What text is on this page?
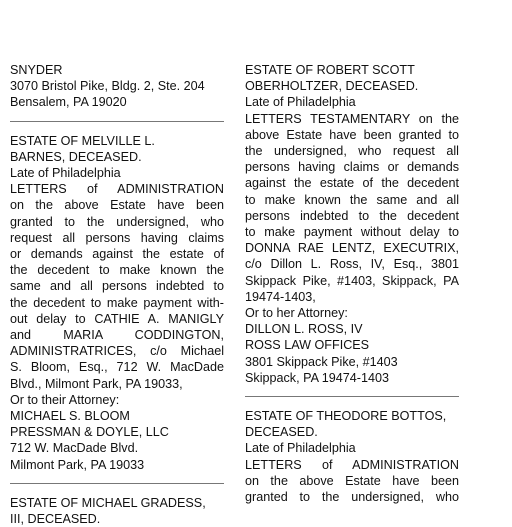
SNYDER
3070 Bristol Pike, Bldg. 2, Ste. 204
Bensalem, PA 19020
ESTATE OF MELVILLE L.
BARNES, DECEASED.
Late of Philadelphia
LETTERS of ADMINISTRATION
on the above Estate have been
granted to the undersigned, who
request all persons having claims
or demands against the estate of
the decedent to make known the
same and all persons indebted to
the decedent to make payment with-
out delay to CATHIE A. MANIGLY
and MARIA CODDINGTON,
ADMINISTRATRICES, c/o Michael
S. Bloom, Esq., 712 W. MacDade
Blvd., Milmont Park, PA 19033,
Or to their Attorney:
MICHAEL S. BLOOM
PRESSMAN & DOYLE, LLC
712 W. MacDade Blvd.
Milmont Park, PA 19033
ESTATE OF MICHAEL GRADESS,
III, DECEASED.
ESTATE OF ROBERT SCOTT
OBERHOLTZER, DECEASED.
Late of Philadelphia
LETTERS TESTAMENTARY on the
above Estate have been granted to
the undersigned, who request all
persons having claims or demands
against the estate of the decedent
to make known the same and all
persons indebted to the decedent
to make payment without delay to
DONNA RAE LENTZ, EXECUTRIX,
c/o Dillon L. Ross, IV, Esq., 3801
Skippack Pike, #1403, Skippack, PA
19474-1403,
Or to her Attorney:
DILLON L. ROSS, IV
ROSS LAW OFFICES
3801 Skippack Pike, #1403
Skippack, PA 19474-1403
ESTATE OF THEODORE BOTTOS,
DECEASED.
Late of Philadelphia
LETTERS of ADMINISTRATION
on the above Estate have been
granted to the undersigned, who
